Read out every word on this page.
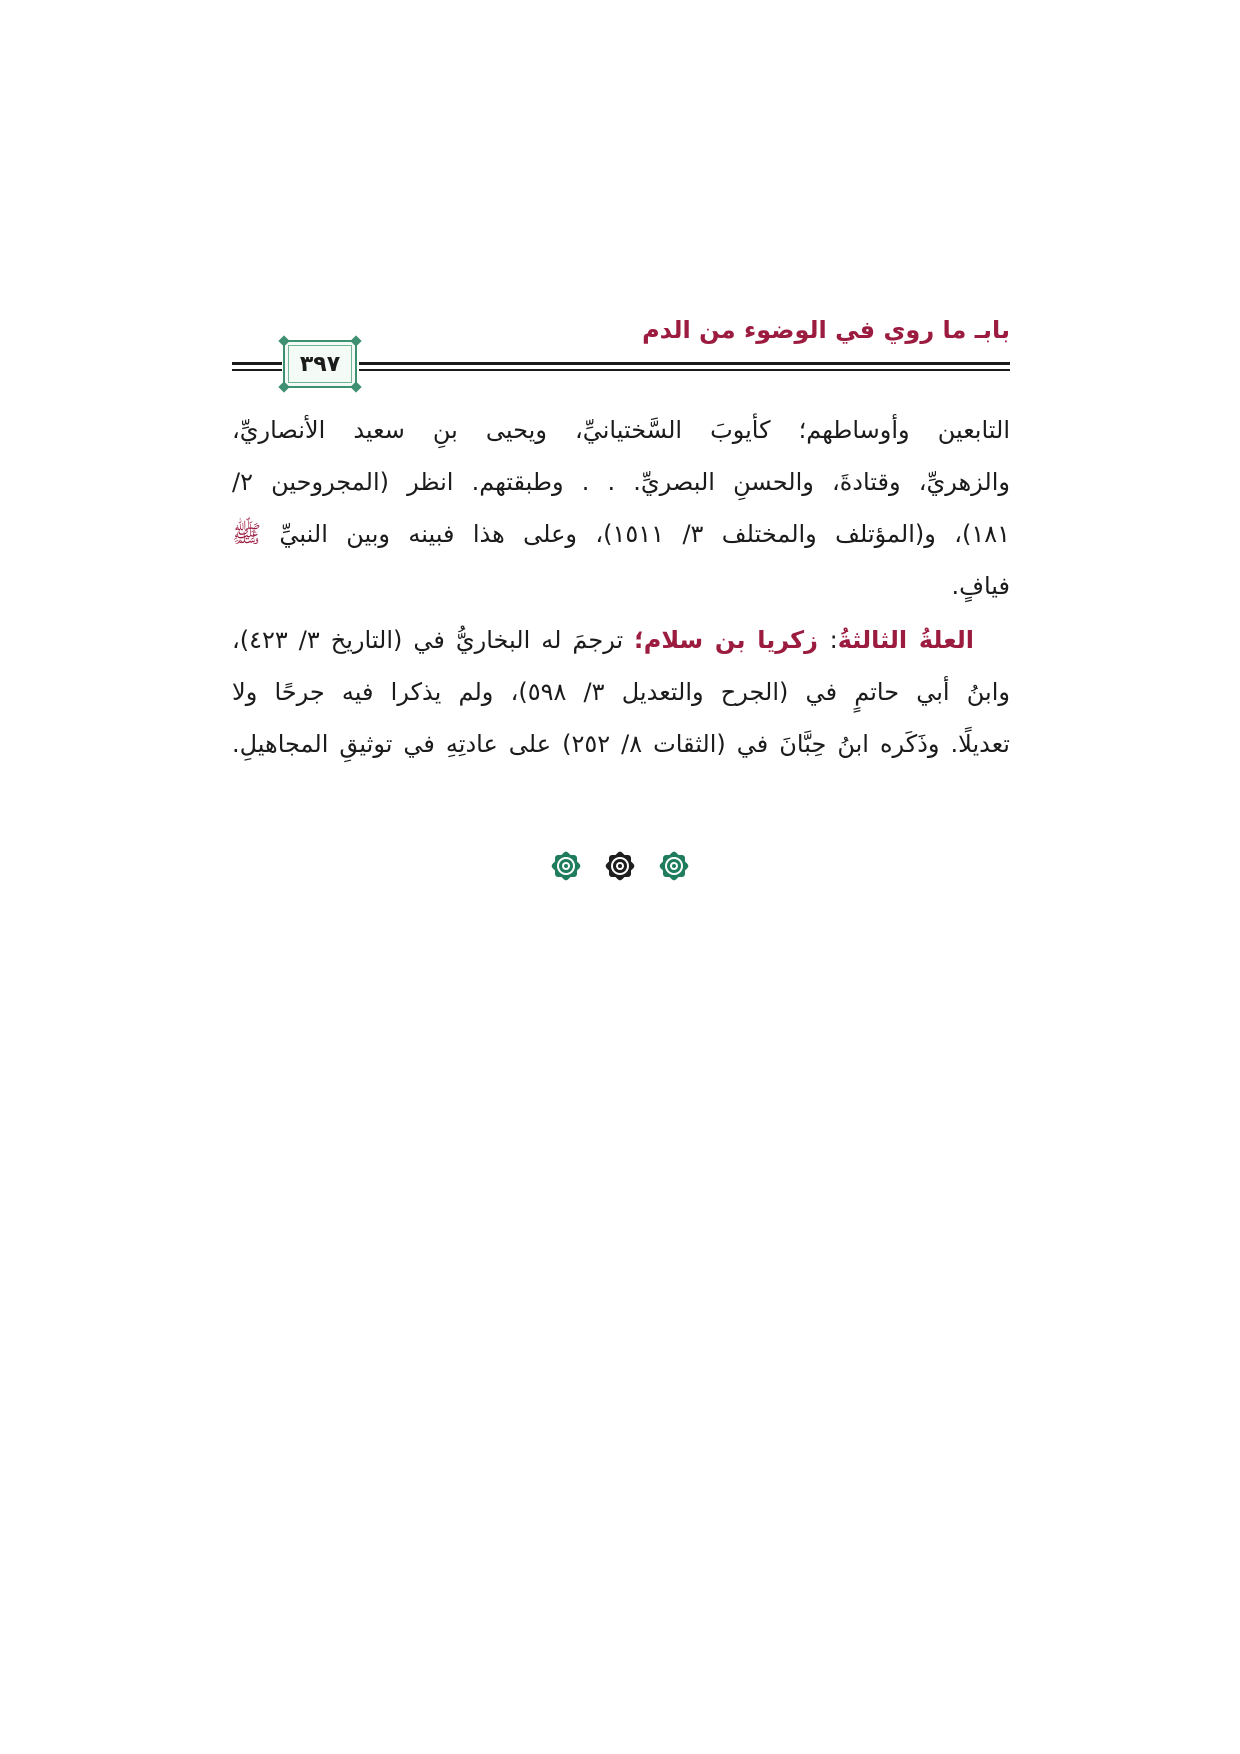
بابـ ما روي في الوضوء من الدم
٣٩٧
التابعين وأوساطهم؛ كأيوبَ السَّختيانيِّ، ويحيى بنِ سعيد الأنصاريِّ،
والزهريِّ، وقتادةَ، والحسنِ البصريِّ. . . وطبقتهم. انظر (المجروحين ٢/
١٨١)، و(المؤتلف والمختلف ٣/ ١٥١١)، وعلى هذا فبينه وبين النبيِّ ﷺ
فيافٍ.
العلةُ الثالثةُ: زكريا بن سلام؛ ترجمَ له البخاريُّ في (التاريخ ٣/ ٤٢٣)،
وابنُ أبي حاتمٍ في (الجرح والتعديل ٣/ ٥٩٨)، ولم يذكرا فيه جرحًا ولا
تعديلًا. وذَكَره ابنُ حِبَّانَ في (الثقات ٨/ ٢٥٢) على عادتِهِ في توثيقِ المجاهيلِ.
